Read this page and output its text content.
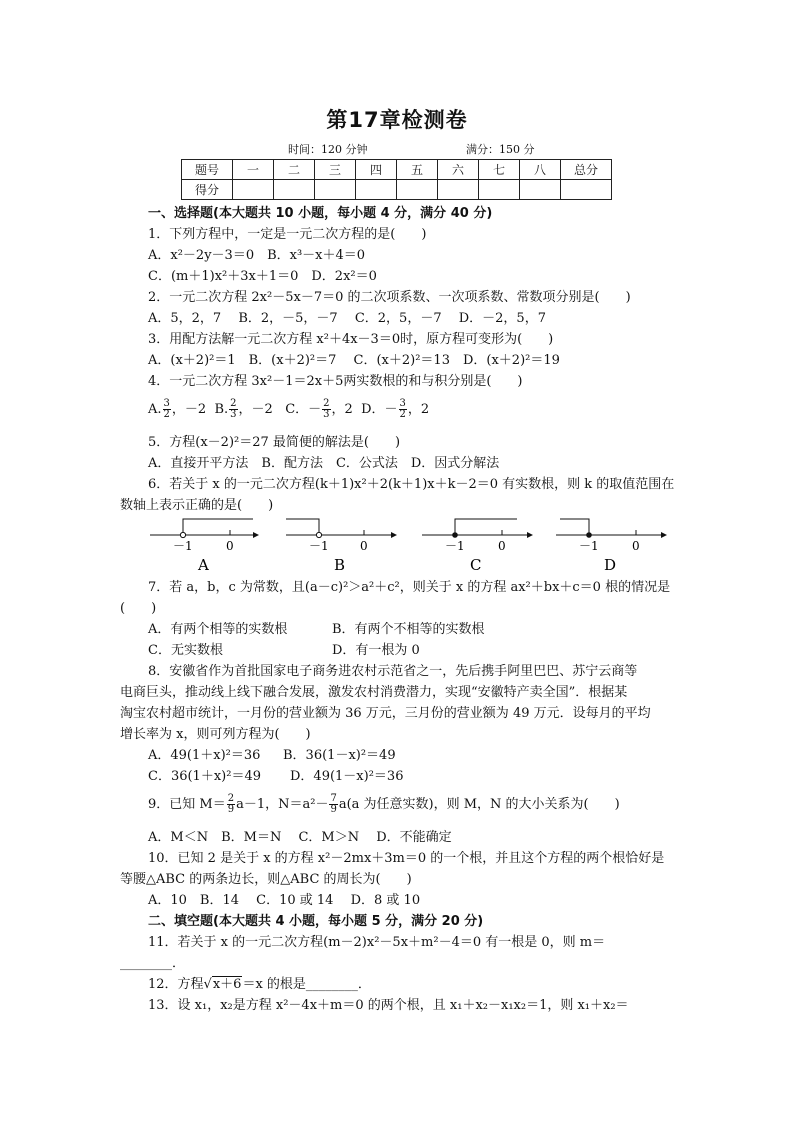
第17章检测卷
时间：120 分钟	满分：150 分
题号	一	二	三	四	五	六	七	八	总分
得分									
一、选择题(本大题共 10 小题，每小题 4 分，满分 40 分)
1．下列方程中，一定是一元二次方程的是(　　)
A．x²－2y－3＝0　B．x³－x＋4＝0
C．(m＋1)x²＋3x＋1＝0　D．2x²＝0
2．一元二次方程 2x²－5x－7＝0 的二次项系数、一次项系数、常数项分别是(　　)
A．5，2，7　 B．2，－5，－7　 C．2，5，－7　 D．－2，5，7
3．用配方法解一元二次方程 x²＋4x－3＝0时，原方程可变形为(　　)
A．(x＋2)²＝1　B．(x＋2)²＝7　 C．(x＋2)²＝13　D．(x＋2)²＝19
4．一元二次方程 3x²－1＝2x＋5两实数根的和与积分别是(　　)
A. $\frac{3}{2}$ ，－2 B. $\frac{2}{3}$ ，－2 C．－ $\frac{2}{3}$ ，2 D．－ $\frac{3}{2}$ ，2
5．方程(x－2)²＝27 最简便的解法是(　　)
A．直接开平方法　B．配方法　C．公式法　D．因式分解法
6．若关于 x 的一元二次方程(k＋1)x²＋2(k＋1)x＋k－2＝0 有实数根，则 k 的取值范围在
数轴上表示正确的是(　　)
－1	0
A
－1	0
B
－1	0
C
－1	0
D
7．若 a，b，c 为常数，且(a－c)²＞a²＋c²，则关于 x 的方程 ax²＋bx＋c＝0 根的情况是
(　　)
A．有两个相等的实数根	B．有两个不相等的实数根
C．无实数根	D．有一根为 0
8．安徽省作为首批国家电子商务进农村示范省之一，先后携手阿里巴巴、苏宁云商等
电商巨头，推动线上线下融合发展，激发农村消费潜力，实现“安徽特产卖全国”．根据某
淘宝农村超市统计，一月份的营业额为 36 万元，三月份的营业额为 49 万元．设每月的平均
增长率为 x，则可列方程为(　　)
A．49(1＋x)²＝36 B．36(1－x)²＝49
C．36(1＋x)²＝49 D．49(1－x)²＝36
9．已知 $M= \frac{2}{9} a-1$，$N=a^2- \frac{7}{9} a(a$ 为任意实数)，则 M，N 的大小关系为(　　)
A．M＜N　B．M＝N　 C．M＞N　 D．不能确定
10．已知 2 是关于 x 的方程 x²－2mx＋3m＝0 的一个根，并且这个方程的两个根恰好是
等腰△ABC 的两条边长，则△ABC 的周长为(　　)
A．10　B．14　 C．10 或 14　 D．8 或 10
二、填空题(本大题共 4 小题，每小题 5 分，满分 20 分)
11．若关于 x 的一元二次方程(m－2)x²－5x＋m²－4＝0 有一根是 0，则 m＝
________．
12．方程√x＋6＝x 的根是________．
13．设 x₁，x₂是方程 x²－4x＋m＝0 的两个根，且 x₁＋x₂－x₁x₂＝1，则 x₁＋x₂＝
